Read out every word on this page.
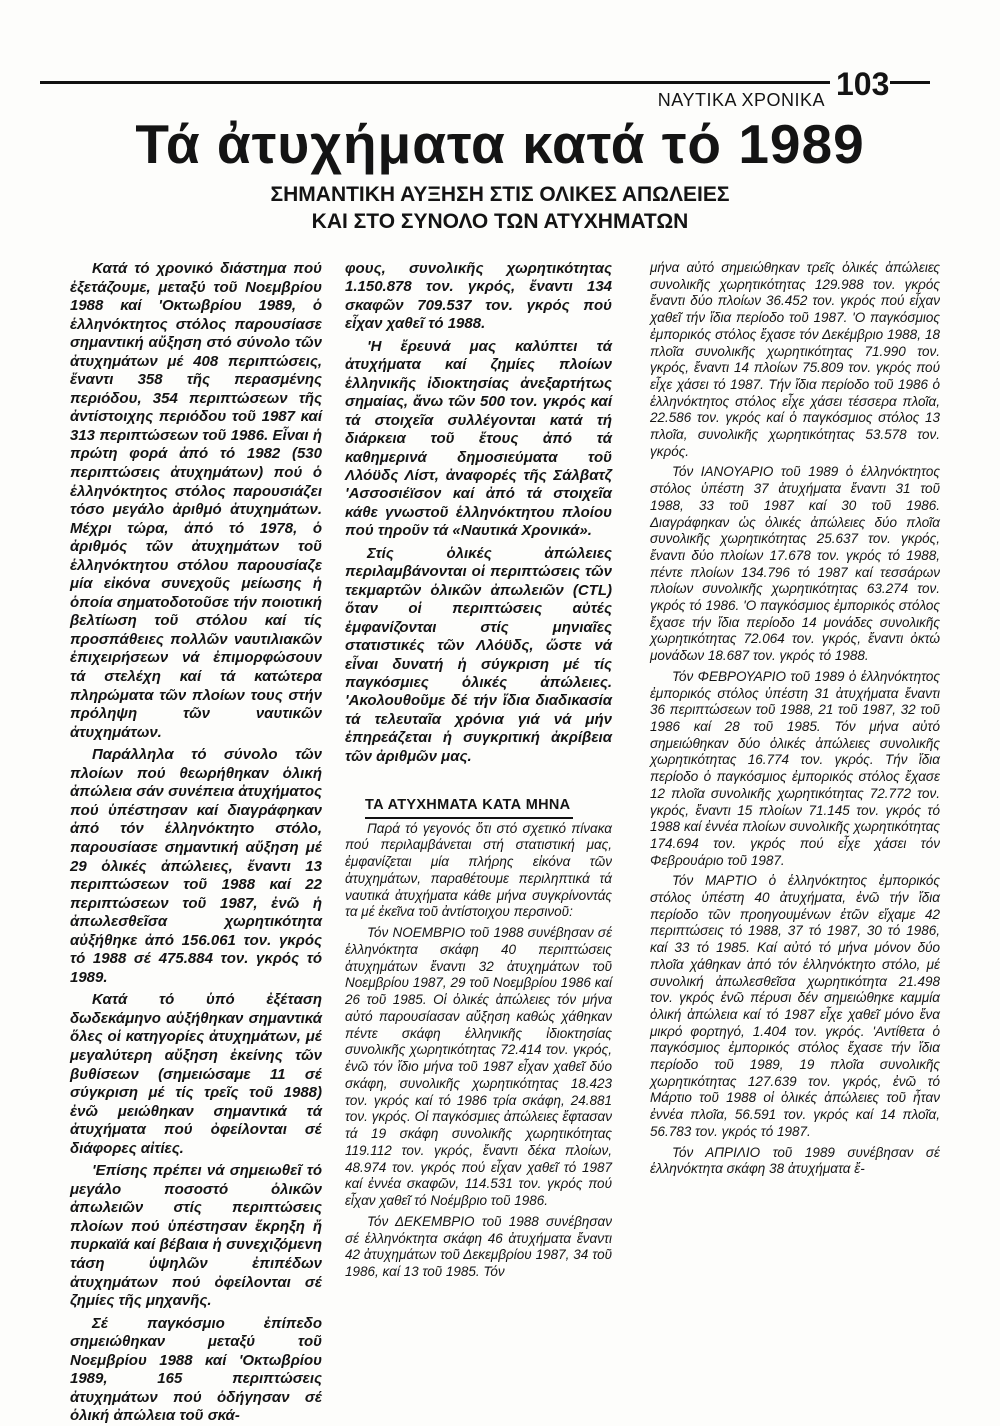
ΝΑΥΤΙΚΑ ΧΡΟΝΙΚΑ 103
Τά ἀτυχήματα κατά τό 1989
ΣΗΜΑΝΤΙΚΗ ΑΥΞΗΣΗ ΣΤΙΣ ΟΛΙΚΕΣ ΑΠΩΛΕΙΕΣ
ΚΑΙ ΣΤΟ ΣΥΝΟΛΟ ΤΩΝ ΑΤΥΧΗΜΑΤΩΝ

Κατά τό χρονικό διάστημα πού ἐξετάζουμε, μεταξύ τοῦ Νοεμβρίου 1988 καί 'Οκτωβρίου 1989, ὁ ἑλληνόκτητος στόλος παρουσίασε σημαντική αὔξηση στό σύνολο τῶν ἀτυχημάτων μέ 408 περιπτώσεις, ἔναντι 358 τῆς περασμένης περιόδου, 354 περιπτώσεων τῆς ἀντίστοιχης περιόδου τοῦ 1987 καί 313 περιπτώσεων τοῦ 1986. Εἶναι ἡ πρώτη φορά ἀπό τό 1982 (530 περιπτώσεις ἀτυχημάτων) πού ὁ ἑλληνόκτητος στόλος παρουσιάζει τόσο μεγάλο ἀριθμό ἀτυχημάτων. Μέχρι τώρα, ἀπό τό 1978, ὁ ἀριθμός τῶν ἀτυχημάτων τοῦ ἑλληνόκτητου στόλου παρουσίαζε μία εἰκόνα συνεχοῦς μείωσης ἡ ὁποία σηματοδοτοῦσε τήν ποιοτική βελτίωση τοῦ στόλου καί τίς προσπάθειες πολλῶν ναυτιλιακῶν ἐπιχειρήσεων νά ἐπιμορφώσουν τά στελέχη καί τά κατώτερα πληρώματα τῶν πλοίων τους στήν πρόληψη τῶν ναυτικῶν ἀτυχημάτων.

Παράλληλα τό σύνολο τῶν πλοίων πού θεωρήθηκαν ὁλική ἀπώλεια σάν συνέπεια ἀτυχήματος πού ὑπέστησαν καί διαγράφηκαν ἀπό τόν ἑλληνόκτητο στόλο, παρουσίασε σημαντική αὔξηση μέ 29 ὁλικές ἀπώλειες, ἔναντι 13 περιπτώσεων τοῦ 1988 καί 22 περιπτώσεων τοῦ 1987, ἐνῶ ἡ ἀπωλεσθεῖσα χωρητικότητα αὐξήθηκε ἀπό 156.061 τον. γκρός τό 1988 σέ 475.884 τον. γκρός τό 1989.

Κατά τό ὑπό ἐξέταση δωδεκάμηνο αὐξήθηκαν σημαντικά ὅλες οἱ κατηγορίες ἀτυχημάτων, μέ μεγαλύτερη αὔξηση ἐκείνης τῶν βυθίσεων (σημειώσαμε 11 σέ σύγκριση μέ τίς τρεῖς τοῦ 1988) ἐνῶ μειώθηκαν σημαντικά τά ἀτυχήματα πού ὀφείλονται σέ διάφορες αἰτίες.

'Επίσης πρέπει νά σημειωθεῖ τό μεγάλο ποσοστό ὁλικῶν ἀπωλειῶν στίς περιπτώσεις πλοίων πού ὑπέστησαν ἔκρηξη ἤ πυρκαϊά καί βέβαια ἡ συνεχιζόμενη τάση ὑψηλῶν ἐπιπέδων ἀτυχημάτων πού ὀφείλονται σέ ζημίες τῆς μηχανῆς.

Σέ παγκόσμιο ἐπίπεδο σημειώθηκαν μεταξύ τοῦ Νοεμβρίου 1988 καί 'Οκτωβρίου 1989, 165 περιπτώσεις ἀτυχημάτων πού ὁδήγησαν σέ ὁλική ἀπώλεια τοῦ σκά-

φους, συνολικῆς χωρητικότητας 1.150.878 τον. γκρός, ἔναντι 134 σκαφῶν 709.537 τον. γκρός πού εἶχαν χαθεῖ τό 1988.

'Η ἔρευνά μας καλύπτει τά ἀτυχήματα καί ζημίες πλοίων ἑλληνικῆς ἰδιοκτησίας ἀνεξαρτήτως σημαίας, ἄνω τῶν 500 τον. γκρός καί τά στοιχεῖα συλλέγονται κατά τή διάρκεια τοῦ ἔτους ἀπό τά καθημερινά δημοσιεύματα τοῦ Λλόϋδς Λίστ, ἀναφορές τῆς Σάλβατζ 'Ασσοσιέϊσον καί ἀπό τά στοιχεῖα κάθε γνωστοῦ ἑλληνόκτητου πλοίου πού τηροῦν τά «Ναυτικά Χρονικά».

Στίς ὁλικές ἀπώλειες περιλαμβάνονται οἱ περιπτώσεις τῶν τεκμαρτῶν ὁλικῶν ἀπωλειῶν (CTL) ὅταν οἱ περιπτώσεις αὐτές ἐμφανίζονται στίς μηνιαῖες στατιστικές τῶν Λλόϋδς, ὥστε νά εἶναι δυνατή ἡ σύγκριση μέ τίς παγκόσμιες ὁλικές ἀπώλειες. 'Ακολουθοῦμε δέ τήν ἴδια διαδικασία τά τελευταῖα χρόνια γιά νά μήν ἐπηρεάζεται ἡ συγκριτική ἀκρίβεια τῶν ἀριθμῶν μας.

ΤΑ ΑΤΥΧΗΜΑΤΑ ΚΑΤΑ ΜΗΝΑ

Παρά τό γεγονός ὅτι στό σχετικό πίνακα πού περιλαμβάνεται στή στατιστική μας, ἐμφανίζεται μία πλήρης εἰκόνα τῶν ἀτυχημάτων, παραθέτουμε περιληπτικά τά ναυτικά ἀτυχήματα κάθε μήνα συγκρίνοντάς τα μέ ἐκεῖνα τοῦ ἀντίστοιχου περσινοῦ:

Τόν ΝΟΕΜΒΡΙΟ τοῦ 1988 συνέβησαν σέ ἑλληνόκτητα σκάφη 40 περιπτώσεις ἀτυχημάτων ἔναντι 32 ἀτυχημάτων τοῦ Νοεμβρίου 1987, 29 τοῦ Νοεμβρίου 1986 καί 26 τοῦ 1985. Οἱ ὁλικές ἀπώλειες τόν μήνα αὐτό παρουσίασαν αὔξηση καθώς χάθηκαν πέντε σκάφη ἑλληνικῆς ἰδιοκτησίας συνολικῆς χωρητικότητας 72.414 τον. γκρός, ἐνῶ τόν ἴδιο μήνα τοῦ 1987 εἶχαν χαθεῖ δύο σκάφη, συνολικῆς χωρητικότητας 18.423 τον. γκρός καί τό 1986 τρία σκάφη, 24.881 τον. γκρός. Οἱ παγκόσμιες ἀπώλειες ἔφτασαν τά 19 σκάφη συνολικῆς χωρητικότητας 119.112 τον. γκρός, ἔναντι δέκα πλοίων, 48.974 τον. γκρός πού εἶχαν χαθεῖ τό 1987 καί ἐννέα σκαφῶν, 114.531 τον. γκρός πού εἶχαν χαθεῖ τό Νοέμβριο τοῦ 1986.

Τόν ΔΕΚΕΜΒΡΙΟ τοῦ 1988 συνέβησαν σέ ἑλληνόκτητα σκάφη 46 ἀτυχήματα ἔναντι 42 ἀτυχημάτων τοῦ Δεκεμβρίου 1987, 34 τοῦ 1986, καί 13 τοῦ 1985. Τόν

μήνα αὐτό σημειώθηκαν τρεῖς ὁλικές ἀπώλειες συνολικῆς χωρητικότητας 129.988 τον. γκρός ἔναντι δύο πλοίων 36.452 τον. γκρός πού εἶχαν χαθεῖ τήν ἴδια περίοδο τοῦ 1987. 'Ο παγκόσμιος ἐμπορικός στόλος ἔχασε τόν Δεκέμβριο 1988, 18 πλοῖα συνολικῆς χωρητικότητας 71.990 τον. γκρός, ἔναντι 14 πλοίων 75.809 τον. γκρός πού εἶχε χάσει τό 1987. Τήν ἴδια περίοδο τοῦ 1986 ὁ ἑλληνόκτητος στόλος εἶχε χάσει τέσσερα πλοῖα, 22.586 τον. γκρός καί ὁ παγκόσμιος στόλος 13 πλοῖα, συνολικῆς χωρητικότητας 53.578 τον. γκρός.

Τόν ΙΑΝΟΥΑΡΙΟ τοῦ 1989 ὁ ἑλληνόκτητος στόλος ὑπέστη 37 ἀτυχήματα ἔναντι 31 τοῦ 1988, 33 τοῦ 1987 καί 30 τοῦ 1986. Διαγράφηκαν ὡς ὁλικές ἀπώλειες δύο πλοῖα συνολικῆς χωρητικότητας 25.637 τον. γκρός, ἔναντι δύο πλοίων 17.678 τον. γκρός τό 1988, πέντε πλοίων 134.796 τό 1987 καί τεσσάρων πλοίων συνολικῆς χωρητικότητας 63.274 τον. γκρός τό 1986. 'Ο παγκόσμιος ἐμπορικός στόλος ἔχασε τήν ἴδια περίοδο 14 μονάδες συνολικῆς χωρητικότητας 72.064 τον. γκρός, ἔναντι ὀκτώ μονάδων 18.687 τον. γκρός τό 1988.

Τόν ΦΕΒΡΟΥΑΡΙΟ τοῦ 1989 ὁ ἑλληνόκτητος ἐμπορικός στόλος ὑπέστη 31 ἀτυχήματα ἔναντι 36 περιπτώσεων τοῦ 1988, 21 τοῦ 1987, 32 τοῦ 1986 καί 28 τοῦ 1985. Τόν μήνα αὐτό σημειώθηκαν δύο ὁλικές ἀπώλειες συνολικῆς χωρητικότητας 16.774 τον. γκρός. Τήν ἴδια περίοδο ὁ παγκόσμιος ἐμπορικός στόλος ἔχασε 12 πλοῖα συνολικῆς χωρητικότητας 72.772 τον. γκρός, ἔναντι 15 πλοίων 71.145 τον. γκρός τό 1988 καί ἐννέα πλοίων συνολικῆς χωρητικότητας 174.694 τον. γκρός πού εἶχε χάσει τόν Φεβρουάριο τοῦ 1987.

Τόν ΜΑΡΤΙΟ ὁ ἑλληνόκτητος ἐμπορικός στόλος ὑπέστη 40 ἀτυχήματα, ἐνῶ τήν ἴδια περίοδο τῶν προηγουμένων ἐτῶν εἴχαμε 42 περιπτώσεις τό 1988, 37 τό 1987, 30 τό 1986, καί 33 τό 1985. Καί αὐτό τό μήνα μόνον δύο πλοῖα χάθηκαν ἀπό τόν ἑλληνόκτητο στόλο, μέ συνολική ἀπωλεσθεῖσα χωρητικότητα 21.498 τον. γκρός ἐνῶ πέρυσι δέν σημειώθηκε καμμία ὁλική ἀπώλεια καί τό 1987 εἶχε χαθεῖ μόνο ἕνα μικρό φορτηγό, 1.404 τον. γκρός. 'Αντίθετα ὁ παγκόσμιος ἐμπορικός στόλος ἔχασε τήν ἴδια περίοδο τοῦ 1989, 19 πλοῖα συνολικῆς χωρητικότητας 127.639 τον. γκρός, ἐνῶ τό Μάρτιο τοῦ 1988 οἱ ὁλικές ἀπώλειες τοῦ ἦταν ἐννέα πλοῖα, 56.591 τον. γκρός καί 14 πλοῖα, 56.783 τον. γκρός τό 1987.

Τόν ΑΠΡΙΛΙΟ τοῦ 1989 συνέβησαν σέ ἑλληνόκτητα σκάφη 38 ἀτυχήματα ἔ-
